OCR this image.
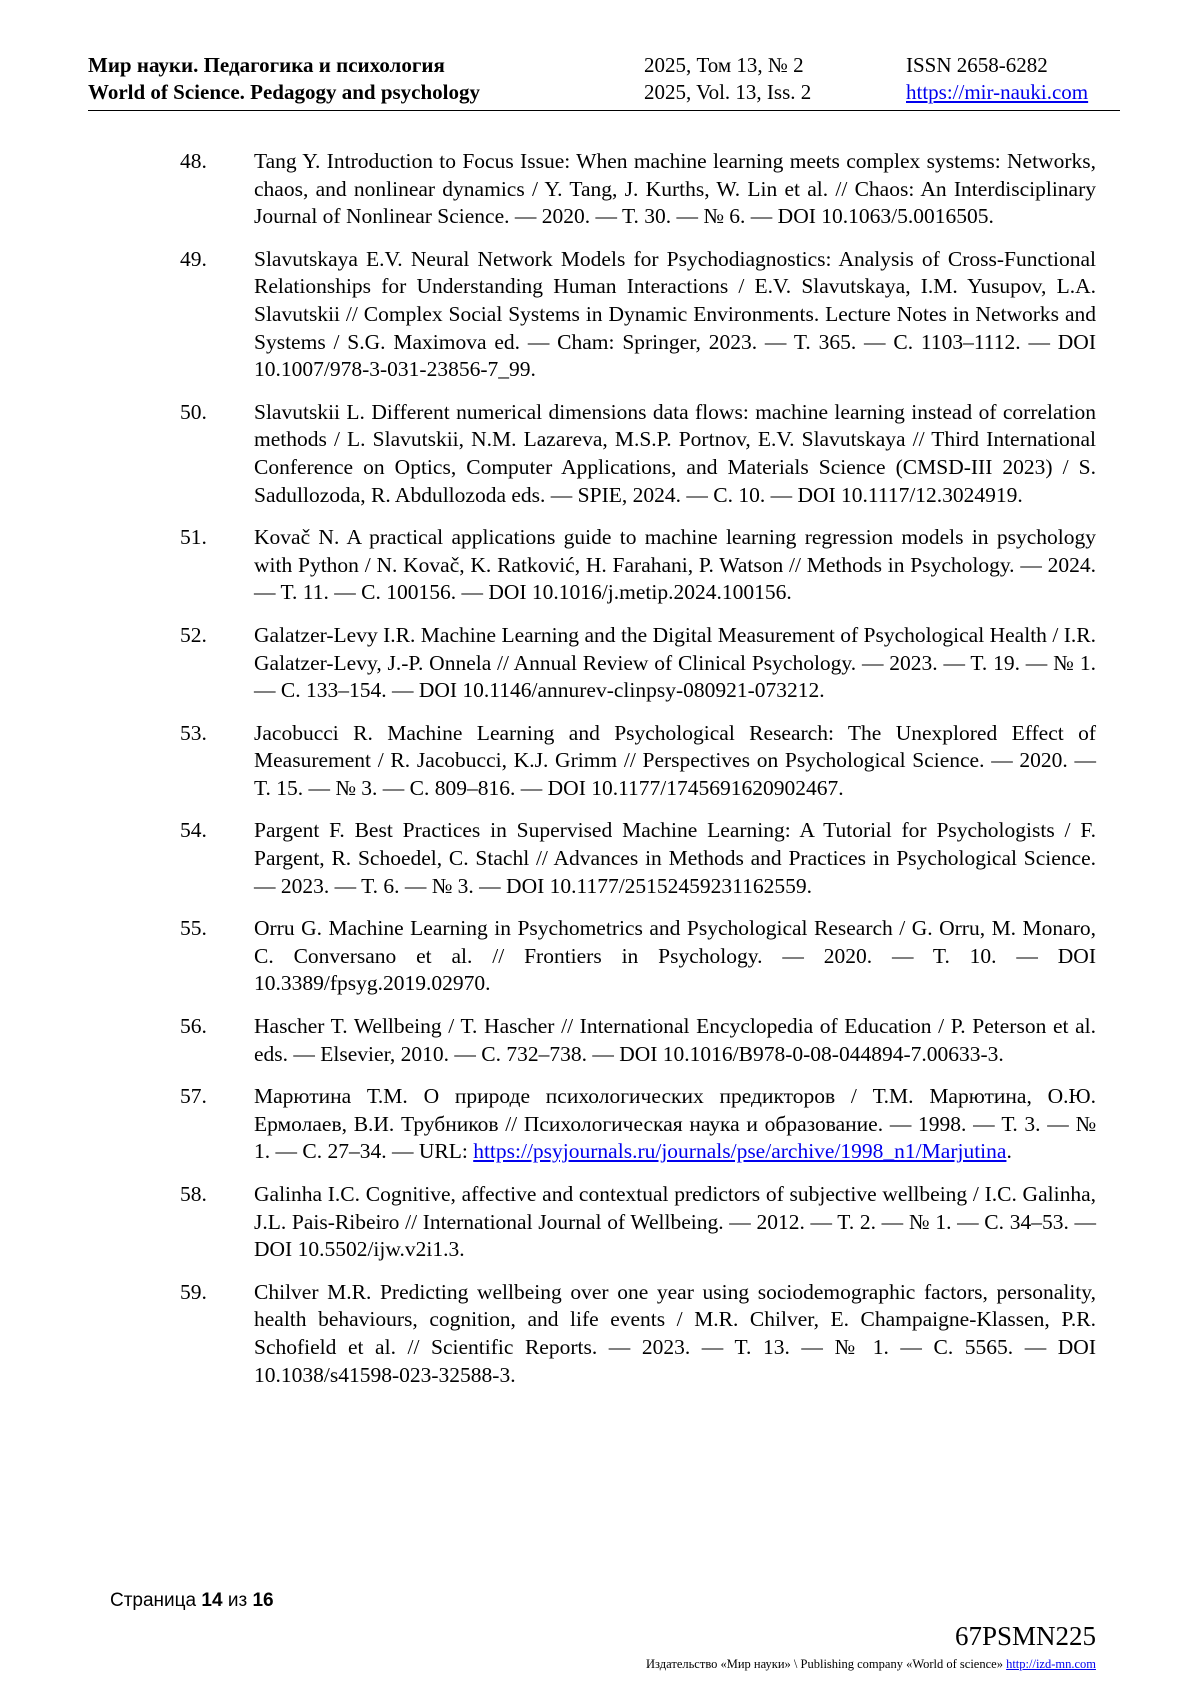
Мир науки. Педагогика и психология
World of Science. Pedagogy and psychology
2025, Том 13, № 2
2025, Vol. 13, Iss. 2
ISSN 2658-6282
https://mir-nauki.com
48. Tang Y. Introduction to Focus Issue: When machine learning meets complex systems: Networks, chaos, and nonlinear dynamics / Y. Tang, J. Kurths, W. Lin et al. // Chaos: An Interdisciplinary Journal of Nonlinear Science. — 2020. — T. 30. — № 6. — DOI 10.1063/5.0016505.
49. Slavutskaya E.V. Neural Network Models for Psychodiagnostics: Analysis of Cross-Functional Relationships for Understanding Human Interactions / E.V. Slavutskaya, I.M. Yusupov, L.A. Slavutskii // Complex Social Systems in Dynamic Environments. Lecture Notes in Networks and Systems / S.G. Maximova ed. — Cham: Springer, 2023. — T. 365. — C. 1103–1112. — DOI 10.1007/978-3-031-23856-7_99.
50. Slavutskii L. Different numerical dimensions data flows: machine learning instead of correlation methods / L. Slavutskii, N.M. Lazareva, M.S.P. Portnov, E.V. Slavutskaya // Third International Conference on Optics, Computer Applications, and Materials Science (CMSD-III 2023) / S. Sadullozoda, R. Abdullozoda eds. — SPIE, 2024. — C. 10. — DOI 10.1117/12.3024919.
51. Kovač N. A practical applications guide to machine learning regression models in psychology with Python / N. Kovač, K. Ratković, H. Farahani, P. Watson // Methods in Psychology. — 2024. — T. 11. — C. 100156. — DOI 10.1016/j.metip.2024.100156.
52. Galatzer-Levy I.R. Machine Learning and the Digital Measurement of Psychological Health / I.R. Galatzer-Levy, J.-P. Onnela // Annual Review of Clinical Psychology. — 2023. — T. 19. — № 1. — C. 133–154. — DOI 10.1146/annurev-clinpsy-080921-073212.
53. Jacobucci R. Machine Learning and Psychological Research: The Unexplored Effect of Measurement / R. Jacobucci, K.J. Grimm // Perspectives on Psychological Science. — 2020. — T. 15. — № 3. — C. 809–816. — DOI 10.1177/1745691620902467.
54. Pargent F. Best Practices in Supervised Machine Learning: A Tutorial for Psychologists / F. Pargent, R. Schoedel, C. Stachl // Advances in Methods and Practices in Psychological Science. — 2023. — T. 6. — № 3. — DOI 10.1177/25152459231162559.
55. Orru G. Machine Learning in Psychometrics and Psychological Research / G. Orru, M. Monaro, C. Conversano et al. // Frontiers in Psychology. — 2020. — T. 10. — DOI 10.3389/fpsyg.2019.02970.
56. Hascher T. Wellbeing / T. Hascher // International Encyclopedia of Education / P. Peterson et al. eds. — Elsevier, 2010. — C. 732–738. — DOI 10.1016/B978-0-08-044894-7.00633-3.
57. Марютина Т.М. О природе психологических предикторов / Т.М. Марютина, О.Ю. Ермолаев, В.И. Трубников // Психологическая наука и образование. — 1998. — Т. 3. — № 1. — С. 27–34. — URL: https://psyjournals.ru/journals/pse/archive/1998_n1/Marjutina.
58. Galinha I.C. Cognitive, affective and contextual predictors of subjective wellbeing / I.C. Galinha, J.L. Pais-Ribeiro // International Journal of Wellbeing. — 2012. — T. 2. — № 1. — C. 34–53. — DOI 10.5502/ijw.v2i1.3.
59. Chilver M.R. Predicting wellbeing over one year using sociodemographic factors, personality, health behaviours, cognition, and life events / M.R. Chilver, E. Champaigne-Klassen, P.R. Schofield et al. // Scientific Reports. — 2023. — T. 13. — № 1. — C. 5565. — DOI 10.1038/s41598-023-32588-3.
Страница 14 из 16
67PSMN225
Издательство «Мир науки» \ Publishing company «World of science» http://izd-mn.com
